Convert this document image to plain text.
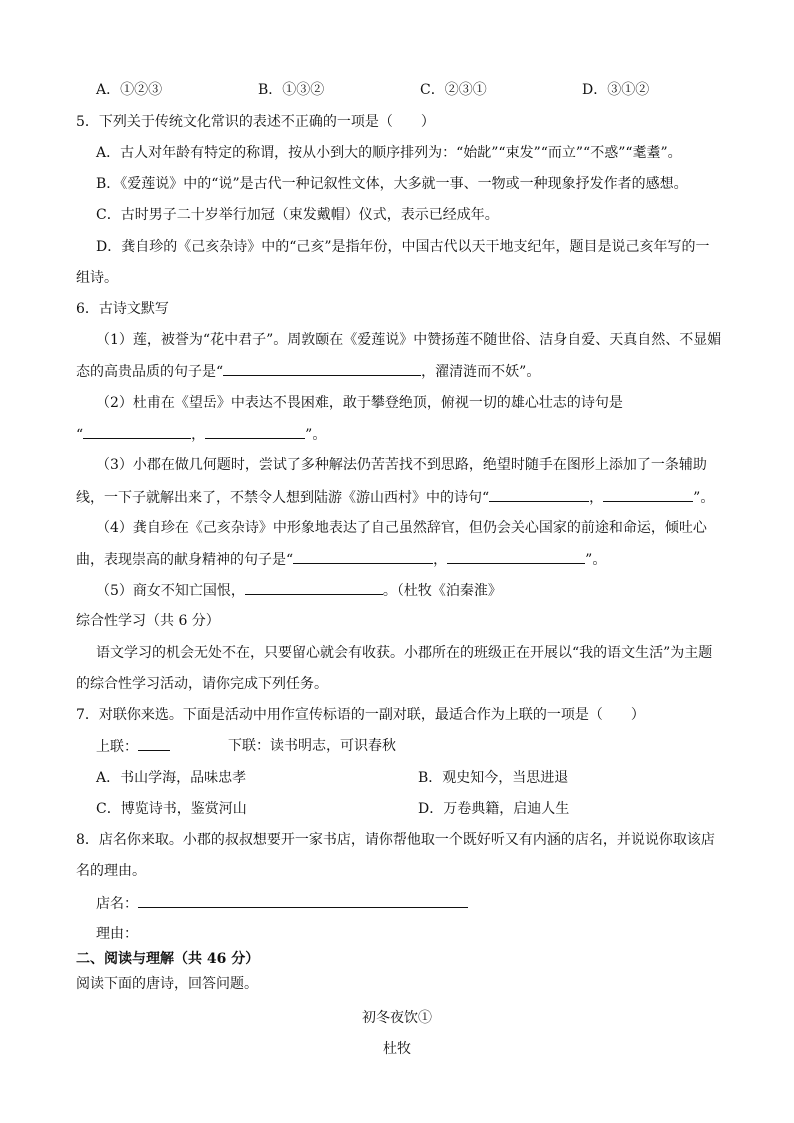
A．①②③	B．①③②	C．②③①	D．③①②
5．下列关于传统文化常识的表述不正确的一项是（　　）
A．古人对年龄有特定的称谓，按从小到大的顺序排列为：“始龀”“束发”“而立”“不惑”“耄耋”。
B．《爱莲说》中的“说”是古代一种记叙性文体，大多就一事、一物或一种现象抒发作者的感想。
C．古时男子二十岁举行加冠（束发戴帽）仪式，表示已经成年。
D．龚自珍的《己亥杂诗》中的“己亥”是指年份，中国古代以天干地支纪年，题目是说己亥年写的一
组诗。
6．古诗文默写
（1）莲，被誉为“花中君子”。周敦颐在《爱莲说》中赞扬莲不随世俗、洁身自爱、天真自然、不显媚
态的高贵品质的句子是“	，濯清涟而不妖”。
（2）杜甫在《望岳》中表达不畏困难，敢于攀登绝顶，俯视一切的雄心壮志的诗句是
“	，	”。
（3）小郡在做几何题时，尝试了多种解法仍苦苦找不到思路，绝望时随手在图形上添加了一条辅助
线，一下子就解出来了，不禁令人想到陆游《游山西村》中的诗句“	，	”。
（4）龚自珍在《己亥杂诗》中形象地表达了自己虽然辞官，但仍会关心国家的前途和命运，倾吐心
曲，表现崇高的献身精神的句子是“	，	”。
（5）商女不知亡国恨，	。（杜牧《泊秦淮》
综合性学习（共 6 分）
语文学习的机会无处不在，只要留心就会有收获。小郡所在的班级正在开展以“我的语文生活”为主题
的综合性学习活动，请你完成下列任务。
7．对联你来选。下面是活动中用作宣传标语的一副对联，最适合作为上联的一项是（　　）
上联：	下联：读书明志，可识春秋
A．书山学海，品味忠孝	B．观史知今，当思进退
C．博览诗书，鉴赏河山	D．万卷典籍，启迪人生
8．店名你来取。小郡的叔叔想要开一家书店，请你帮他取一个既好听又有内涵的店名，并说说你取该店
名的理由。
店名：
理由：
二、阅读与理解（共 46 分）
阅读下面的唐诗，回答问题。
初冬夜饮①
杜牧
